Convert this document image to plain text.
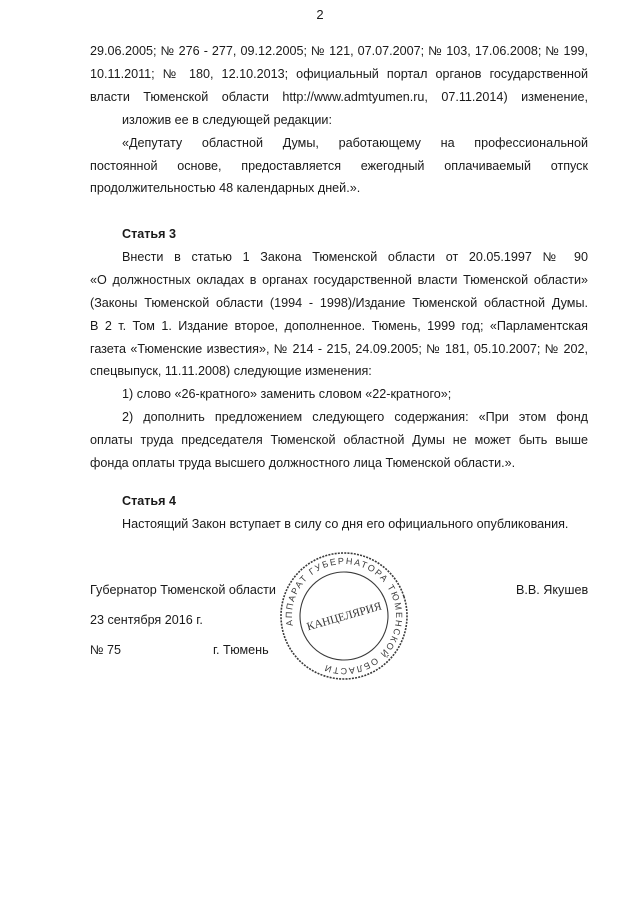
2
29.06.2005; № 276 - 277, 09.12.2005; № 121, 07.07.2007; № 103, 17.06.2008; № 199,
10.11.2011; № 180, 12.10.2013; официальный портал органов государственной
власти Тюменской области http://www.admtyumen.ru, 07.11.2014) изменение,
изложив ее в следующей редакции:
«Депутату областной Думы, работающему на профессиональной
постоянной основе, предоставляется ежегодный оплачиваемый отпуск
продолжительностью 48 календарных дней.».
Статья 3
Внести в статью 1 Закона Тюменской области от 20.05.1997 № 90
«О должностных окладах в органах государственной власти Тюменской области»
(Законы Тюменской области (1994 - 1998)/Издание Тюменской областной Думы.
В 2 т. Том 1. Издание второе, дополненное. Тюмень, 1999 год; «Парламентская
газета «Тюменские известия», № 214 - 215, 24.09.2005; № 181, 05.10.2007; № 202,
спецвыпуск, 11.11.2008) следующие изменения:
1) слово «26-кратного» заменить словом «22-кратного»;
2) дополнить предложением следующего содержания: «При этом фонд
оплаты труда председателя Тюменской областной Думы не может быть выше
фонда оплаты труда высшего должностного лица Тюменской области.».
Статья 4
Настоящий Закон вступает в силу со дня его официального опубликования.
Губернатор Тюменской области	В.В. Якушев
23 сентября 2016 г.
№ 75	г. Тюмень
АППАРАТ ГУБЕРНАТОРА ТЮМЕНСКОЙ ОБЛАСТИ
КАНЦЕЛЯРИЯ
